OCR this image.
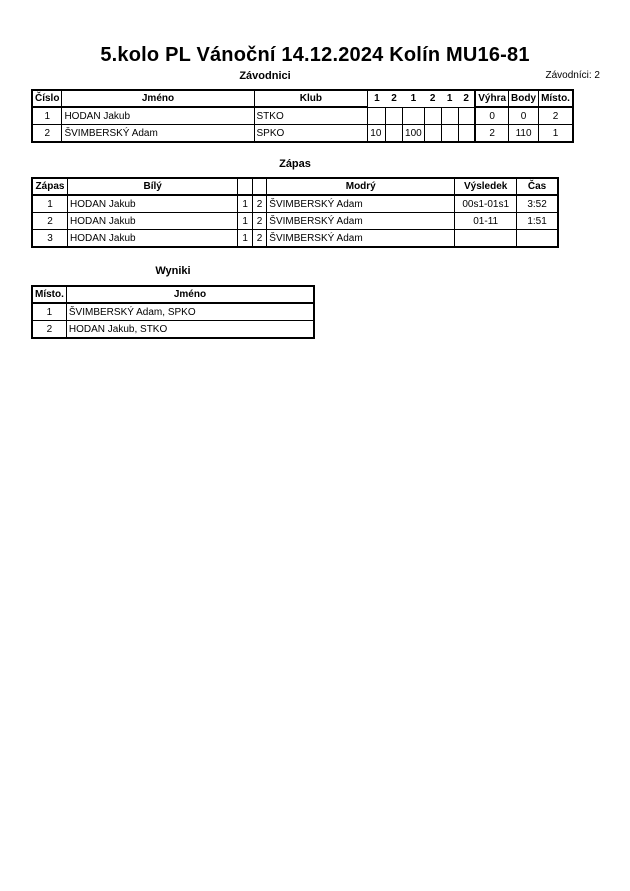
5.kolo PL Vánoční 14.12.2024 Kolín MU16-81
Závodnici	Závodníci: 2
Číslo	Jméno	Klub	1	2	1	2	1	2	Výhra	Body	Místo.
1	HODAN Jakub	STKO							0	0	2
2	ŠVIMBERSKÝ Adam	SPKO	10		100				2	110	1
Zápas
Zápas	Bílý			Modrý	Výsledek	Čas
1	HODAN Jakub	1	2	ŠVIMBERSKÝ Adam	00s1-01s1	3:52
2	HODAN Jakub	1	2	ŠVIMBERSKÝ Adam	01-11	1:51
3	HODAN Jakub	1	2	ŠVIMBERSKÝ Adam		
Wyniki
Místo.	Jméno
1	ŠVIMBERSKÝ Adam, SPKO
2	HODAN Jakub, STKO
